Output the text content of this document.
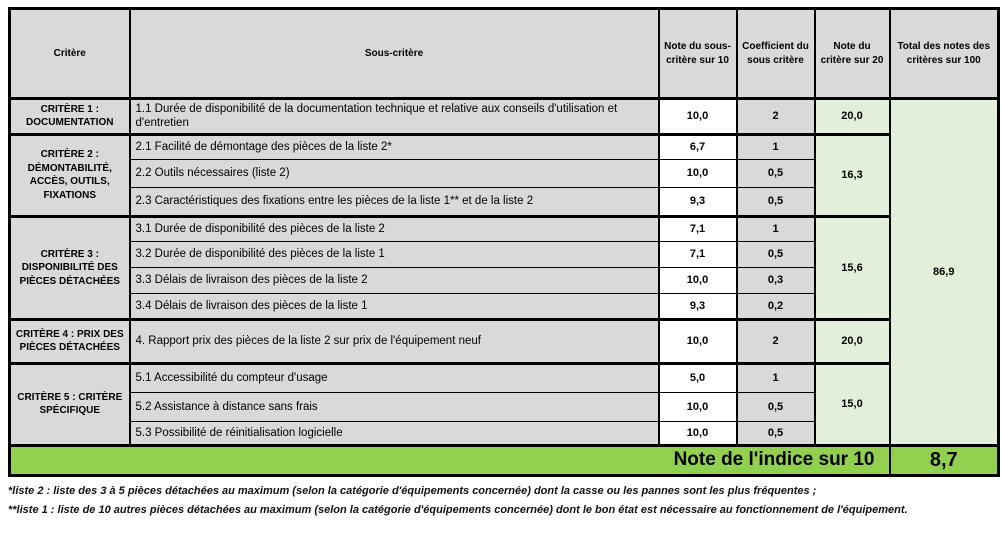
Critère	Sous-critère	Note du sous-critère sur 10	Coefficient du sous critère	Note du critère sur 20	Total des notes des critères sur 100
CRITÈRE 1 : DOCUMENTATION	1.1 Durée de disponibilité de la documentation technique et relative aux conseils d'utilisation et d'entretien	10,0	2	20,0	86,9
CRITÈRE 2 : DÉMONTABILITÉ, ACCÈS, OUTILS, FIXATIONS	2.1 Facilité de démontage des pièces de la liste 2*	6,7	1	16,3	
	2.2 Outils nécessaires (liste 2)	10,0	0,5		
	2.3 Caractéristiques des fixations entre les pièces de la liste 1** et de la liste 2	9,3	0,5		
CRITÈRE 3 : DISPONIBILITÉ DES PIÈCES DÉTACHÉES	3.1 Durée de disponibilité des pièces de la liste 2	7,1	1	15,6	
	3.2 Durée de disponibilité des pièces de la liste 1	7,1	0,5		
	3.3 Délais de livraison des pièces de la liste 2	10,0	0,3		
	3.4 Délais de livraison des pièces de la liste 1	9,3	0,2		
CRITÈRE 4 : PRIX DES PIÈCES DÉTACHÉES	4. Rapport prix des pièces de la liste 2 sur prix de l'équipement neuf	10,0	2	20,0	
CRITÈRE 5 : CRITÈRE SPÉCIFIQUE	5.1 Accessibilité du compteur d'usage	5,0	1	15,0	
	5.2 Assistance à distance sans frais	10,0	0,5		
	5.3 Possibilité de réinitialisation logicielle	10,0	0,5		
Note de l'indice sur 10					8,7
*liste 2 : liste des 3 à 5 pièces détachées au maximum (selon la catégorie d'équipements concernée) dont la casse ou les pannes sont les plus fréquentes ;
**liste 1 : liste de 10 autres pièces détachées au maximum (selon la catégorie d'équipements concernée) dont le bon état est nécessaire au fonctionnement de l'équipement.
